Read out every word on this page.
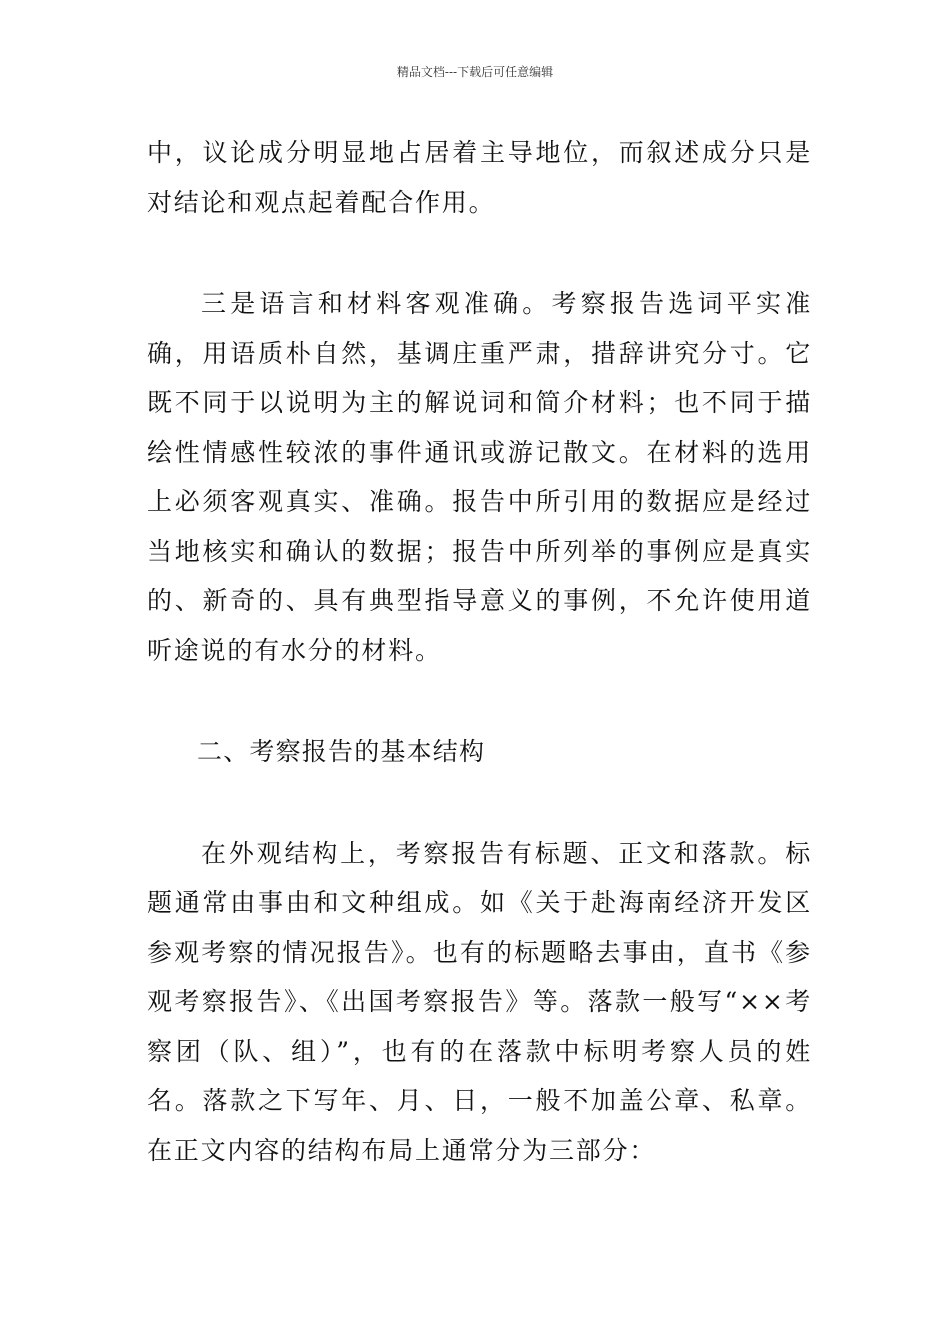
精品文档---下载后可任意编辑

中，议论成分明显地占居着主导地位，而叙述成分只是对结论和观点起着配合作用。

三是语言和材料客观准确。考察报告选词平实准确，用语质朴自然，基调庄重严肃，措辞讲究分寸。它既不同于以说明为主的解说词和简介材料；也不同于描绘性情感性较浓的事件通讯或游记散文。在材料的选用上必须客观真实、准确。报告中所引用的数据应是经过当地核实和确认的数据；报告中所列举的事例应是真实的、新奇的、具有典型指导意义的事例，不允许使用道听途说的有水分的材料。

二、考察报告的基本结构

在外观结构上，考察报告有标题、正文和落款。标题通常由事由和文种组成。如《关于赴海南经济开发区参观考察的情况报告》。也有的标题略去事由，直书《参观考察报告》、《出国考察报告》等。落款一般写“××考察团（队、组）”，也有的在落款中标明考察人员的姓名。落款之下写年、月、日，一般不加盖公章、私章。在正文内容的结构布局上通常分为三部分：
